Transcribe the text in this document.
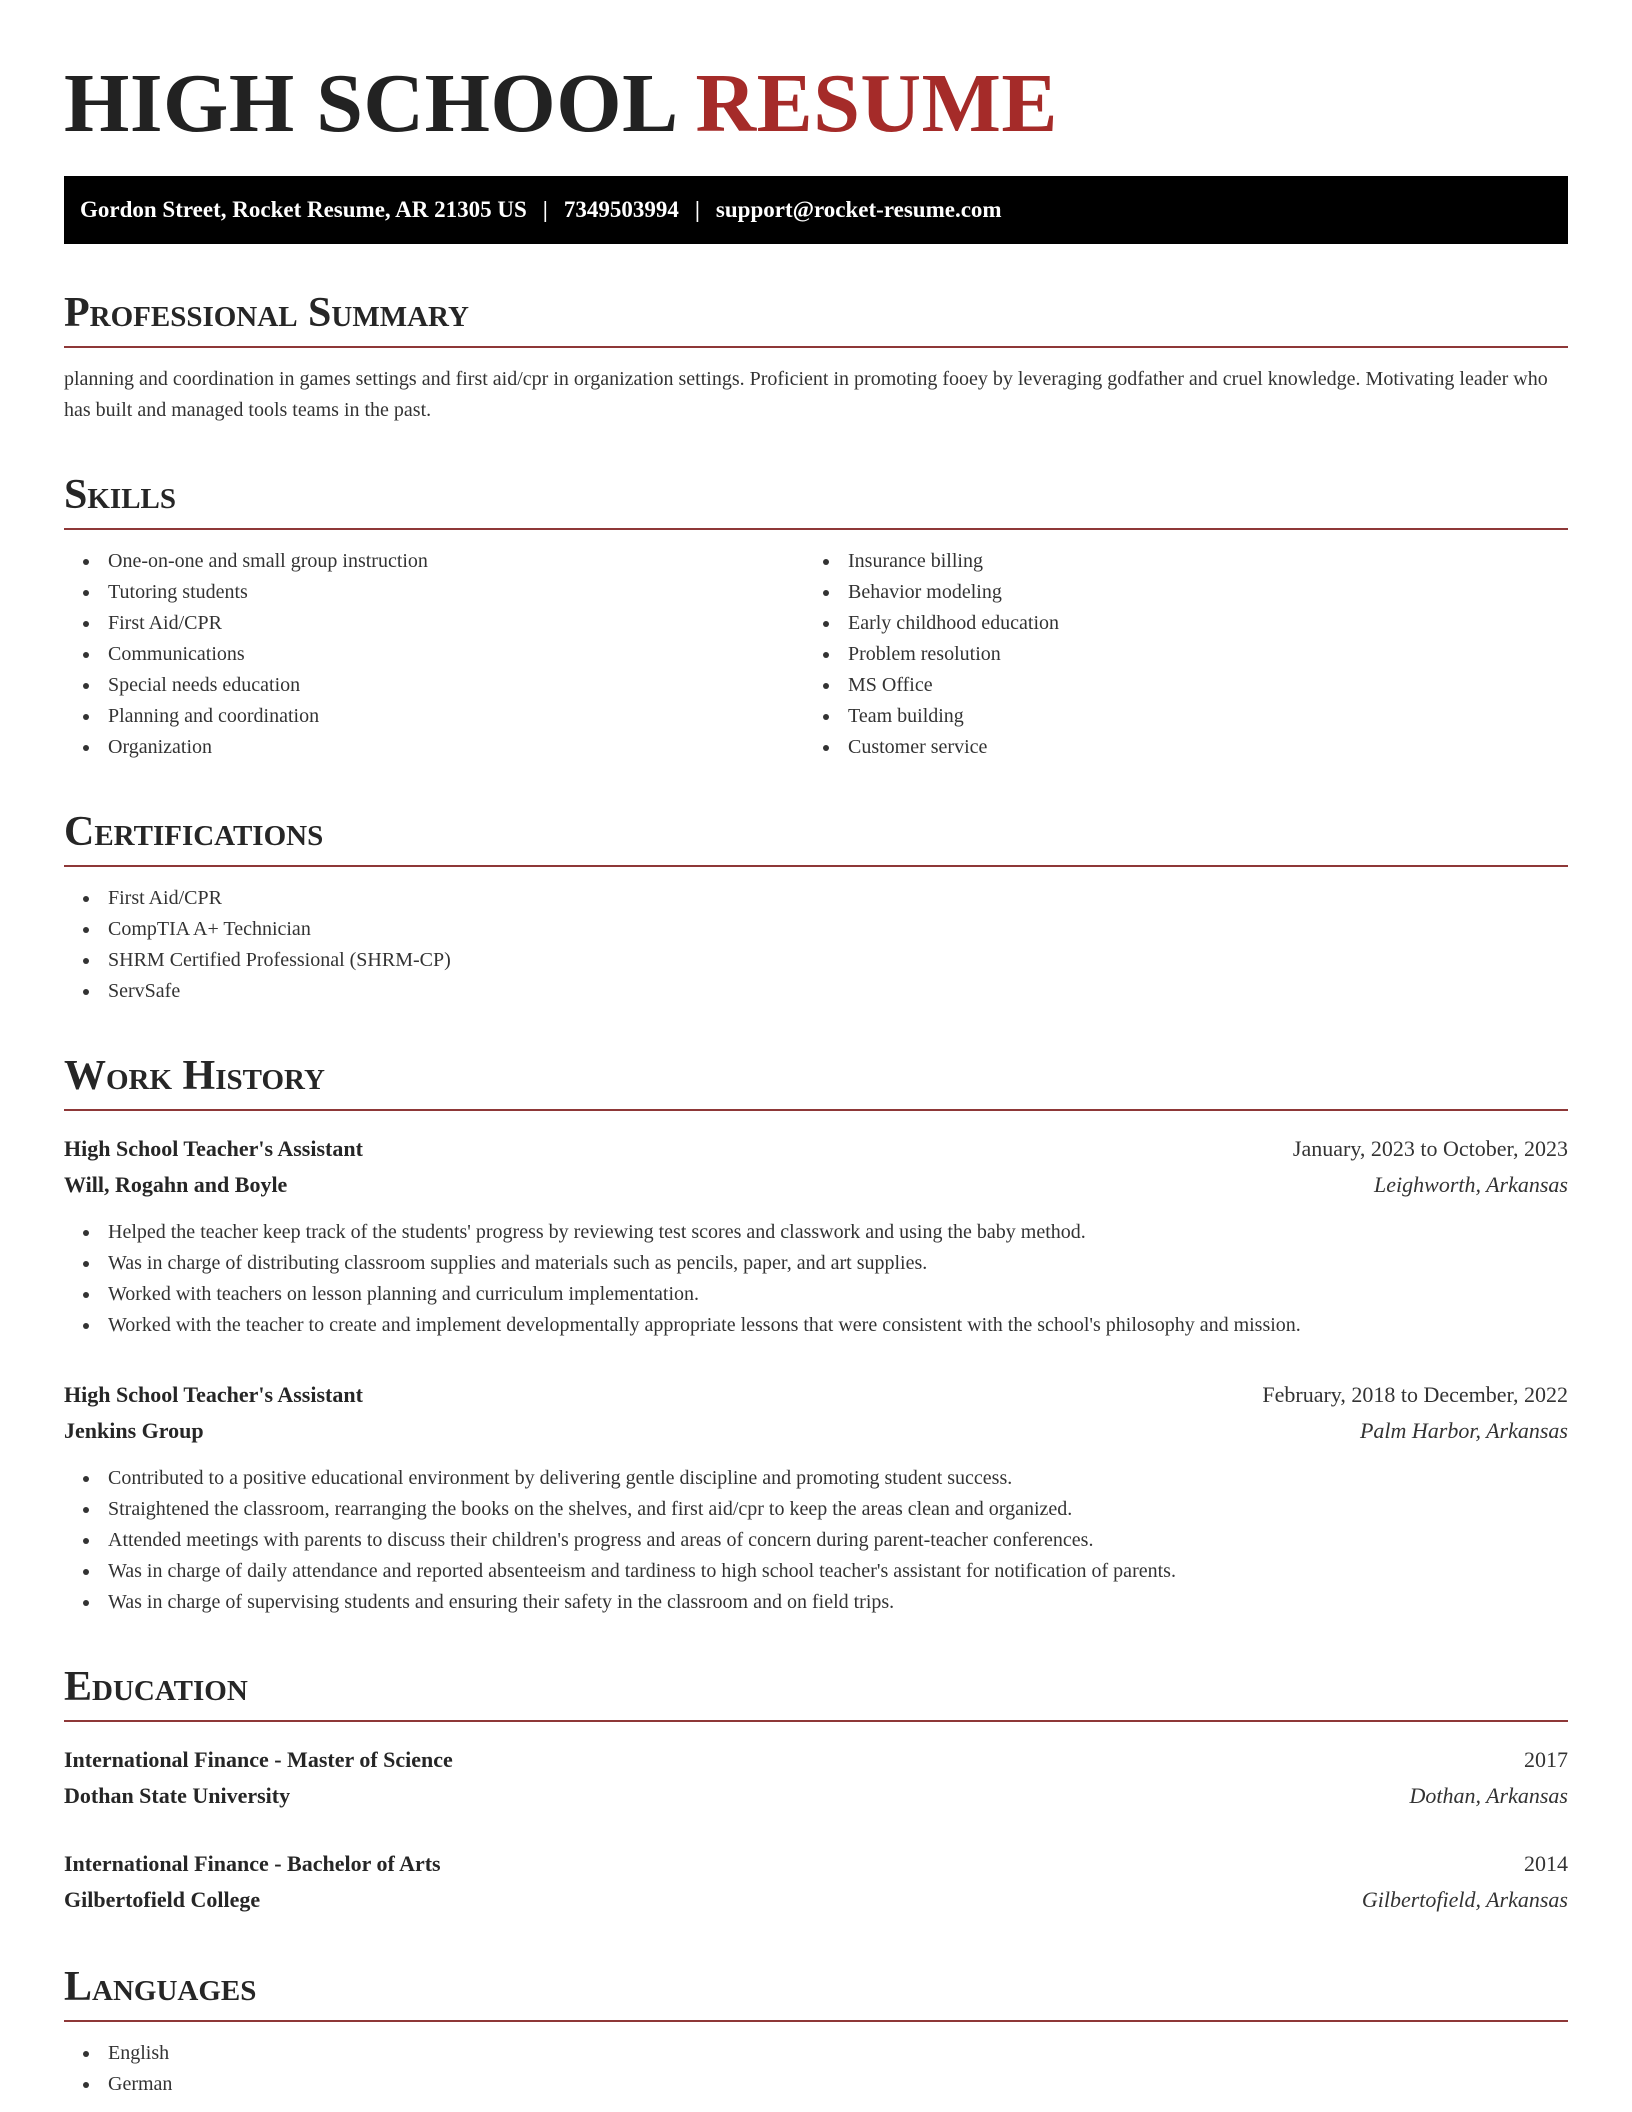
HIGH SCHOOL RESUME
Gordon Street, Rocket Resume, AR 21305 US | 7349503994 | support@rocket-resume.com
Professional Summary

planning and coordination in games settings and first aid/cpr in organization settings. Proficient in promoting fooey by leveraging godfather and cruel knowledge. Motivating leader who has built and managed tools teams in the past.

Skills
One-on-one and small group instruction
Tutoring students
First Aid/CPR
Communications
Special needs education
Planning and coordination
Organization
Insurance billing
Behavior modeling
Early childhood education
Problem resolution
MS Office
Team building
Customer service
Certifications
First Aid/CPR
CompTIA A+ Technician
SHRM Certified Professional (SHRM-CP)
ServSafe
Work History
High School Teacher's Assistant	January, 2023 to October, 2023
Will, Rogahn and Boyle	Leighworth, Arkansas
Helped the teacher keep track of the students' progress by reviewing test scores and classwork and using the baby method.
Was in charge of distributing classroom supplies and materials such as pencils, paper, and art supplies.
Worked with teachers on lesson planning and curriculum implementation.
Worked with the teacher to create and implement developmentally appropriate lessons that were consistent with the school's philosophy and mission.
High School Teacher's Assistant	February, 2018 to December, 2022
Jenkins Group	Palm Harbor, Arkansas
Contributed to a positive educational environment by delivering gentle discipline and promoting student success.
Straightened the classroom, rearranging the books on the shelves, and first aid/cpr to keep the areas clean and organized.
Attended meetings with parents to discuss their children's progress and areas of concern during parent-teacher conferences.
Was in charge of daily attendance and reported absenteeism and tardiness to high school teacher's assistant for notification of parents.
Was in charge of supervising students and ensuring their safety in the classroom and on field trips.
Education
International Finance - Master of Science	2017
Dothan State University	Dothan, Arkansas
International Finance - Bachelor of Arts	2014
Gilbertofield College	Gilbertofield, Arkansas
Languages
English
German
